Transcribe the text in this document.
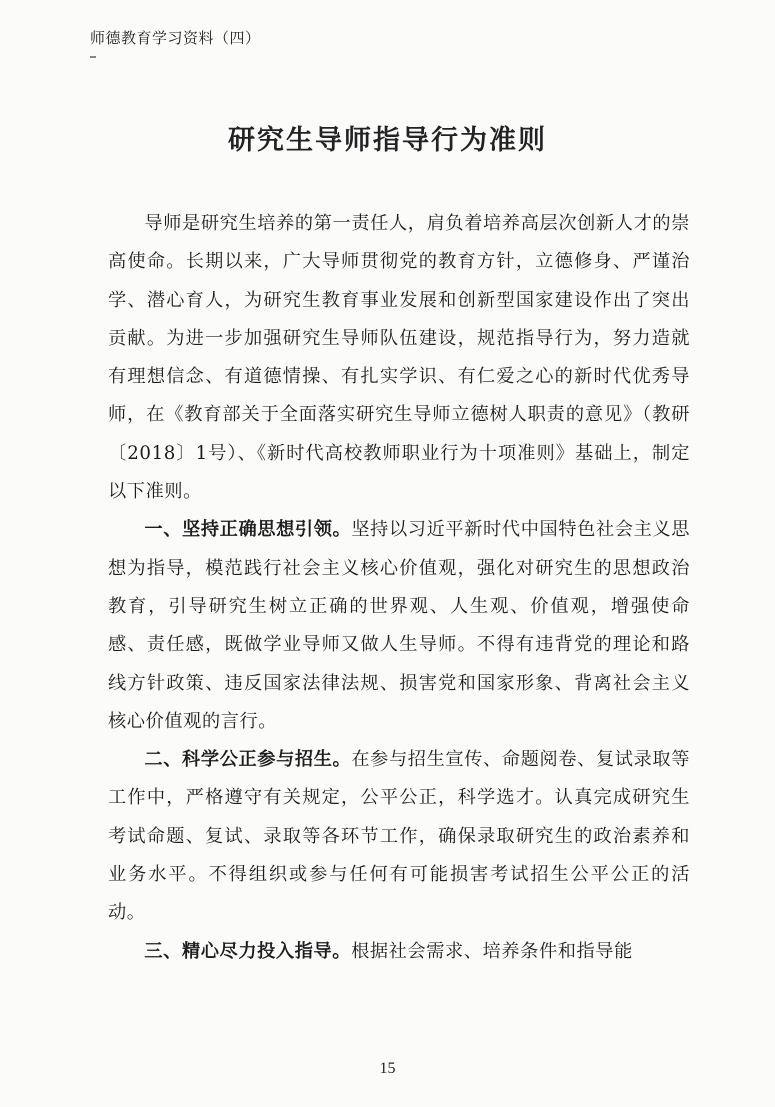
师德教育学习资料（四）
研究生导师指导行为准则

导师是研究生培养的第一责任人，肩负着培养高层次创新人才的崇高使命。长期以来，广大导师贯彻党的教育方针，立德修身、严谨治学、潜心育人，为研究生教育事业发展和创新型国家建设作出了突出贡献。为进一步加强研究生导师队伍建设，规范指导行为，努力造就有理想信念、有道德情操、有扎实学识、有仁爱之心的新时代优秀导师，在《教育部关于全面落实研究生导师立德树人职责的意见》（教研〔2018〕1号）、《新时代高校教师职业行为十项准则》基础上，制定以下准则。

一、坚持正确思想引领。坚持以习近平新时代中国特色社会主义思想为指导，模范践行社会主义核心价值观，强化对研究生的思想政治教育，引导研究生树立正确的世界观、人生观、价值观，增强使命感、责任感，既做学业导师又做人生导师。不得有违背党的理论和路线方针政策、违反国家法律法规、损害党和国家形象、背离社会主义核心价值观的言行。

二、科学公正参与招生。在参与招生宣传、命题阅卷、复试录取等工作中，严格遵守有关规定，公平公正，科学选才。认真完成研究生考试命题、复试、录取等各环节工作，确保录取研究生的政治素养和业务水平。不得组织或参与任何有可能损害考试招生公平公正的活动。

三、精心尽力投入指导。根据社会需求、培养条件和指导能

15
